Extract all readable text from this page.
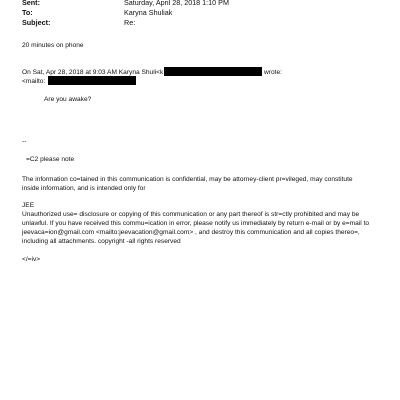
Sent:	Saturday, April 28, 2018 1:10 PM
To:	Karyna Shuliak
Subject:	Re:
20 minutes on phone
On Sat, Apr 28, 2018 at 9:03 AM Karyna Shuli<k	wrote:
<mailto:
Are you awake?
--
=C2 please note
The information co=tained in this communication is confidential, may be attorney-client pr=vileged, may constitute
inside information, and is intended only for
JEE
Unauthorized use= disclosure or copying of this communication or any part thereof is str=ctly prohibited and may be
unlawful. If you have received this commu=ication in error, please notify us immediately by return e-mail or by e=mail to
jeevaca=ion@gmail.com <mailto:jeevacation@gmail.com> , and destroy this communication and all copies thereo=,
including all attachments. copyright -all rights reserved
</=iv>
